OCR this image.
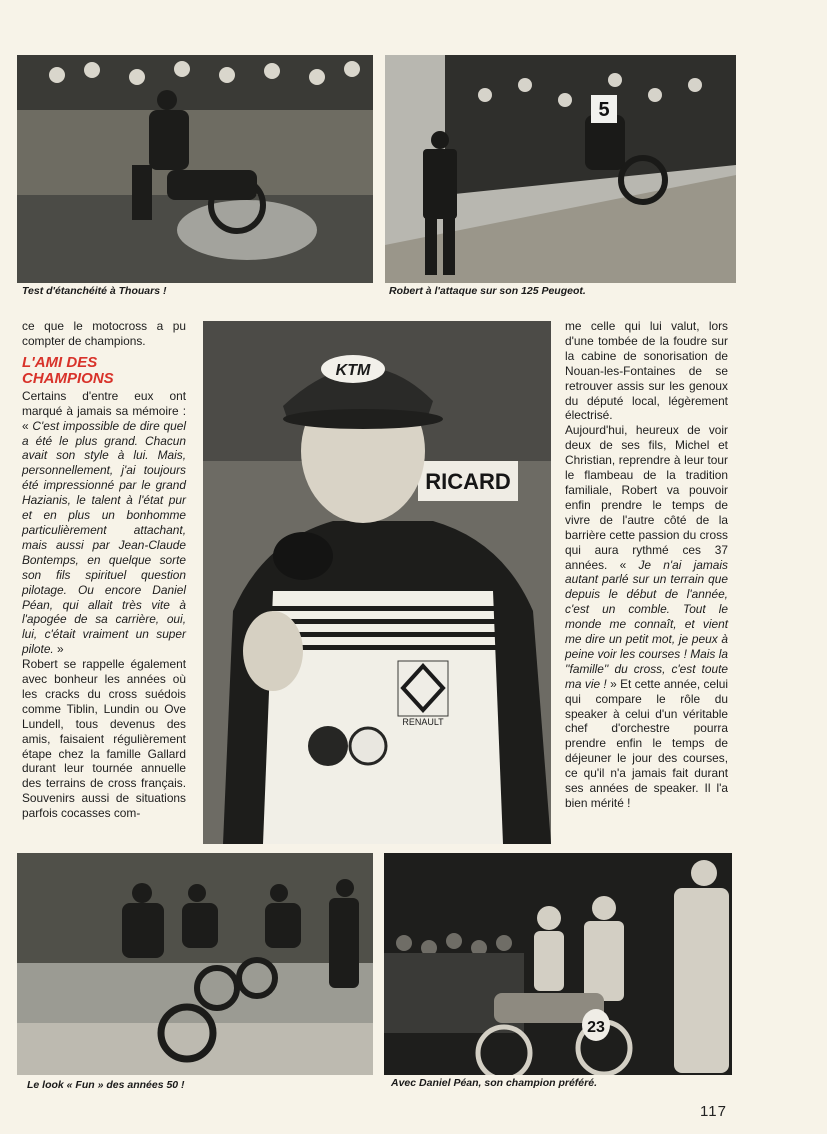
Test d'étanchéité à Thouars !
5
Robert à l'attaque sur son 125 Peugeot.
RICARD
KTM
RENAULT

ce que le motocross a pu compter de champions.

L'AMI DES
CHAMPIONS

Certains d'entre eux ont marqué à jamais sa mémoire : « C'est impossible de dire quel a été le plus grand. Chacun avait son style à lui. Mais, personnellement, j'ai toujours été impressionné par le grand Hazianis, le talent à l'état pur et en plus un bonhomme particulièrement attachant, mais aussi par Jean-Claude Bontemps, en quelque sorte son fils spirituel question pilotage. Ou encore Daniel Péan, qui allait très vite à l'apogée de sa carrière, oui, lui, c'était vraiment un super pilote. »

Robert se rappelle également avec bonheur les années où les cracks du cross suédois comme Tiblin, Lundin ou Ove Lundell, tous devenus des amis, faisaient régulièrement étape chez la famille Gallard durant leur tournée annuelle des terrains de cross français. Souvenirs aussi de situations parfois cocasses com-

me celle qui lui valut, lors d'une tombée de la foudre sur la cabine de sonorisation de Nouan-les-Fontaines de se retrouver assis sur les genoux du député local, légèrement électrisé.

Aujourd'hui, heureux de voir deux de ses fils, Michel et Christian, reprendre à leur tour le flambeau de la tradition familiale, Robert va pouvoir enfin prendre le temps de vivre de l'autre côté de la barrière cette passion du cross qui aura rythmé ces 37 années. « Je n'ai jamais autant parlé sur un terrain que depuis le début de l'année, c'est un comble. Tout le monde me connaît, et vient me dire un petit mot, je peux à peine voir les courses ! Mais la ''famille'' du cross, c'est toute ma vie ! » Et cette année, celui qui compare le rôle du speaker à celui d'un véritable chef d'orchestre pourra prendre enfin le temps de déjeuner le jour des courses, ce qu'il n'a jamais fait durant ses années de speaker. Il l'a bien mérité !

Le look « Fun » des années 50 !
23
Avec Daniel Péan, son champion préféré.
117
